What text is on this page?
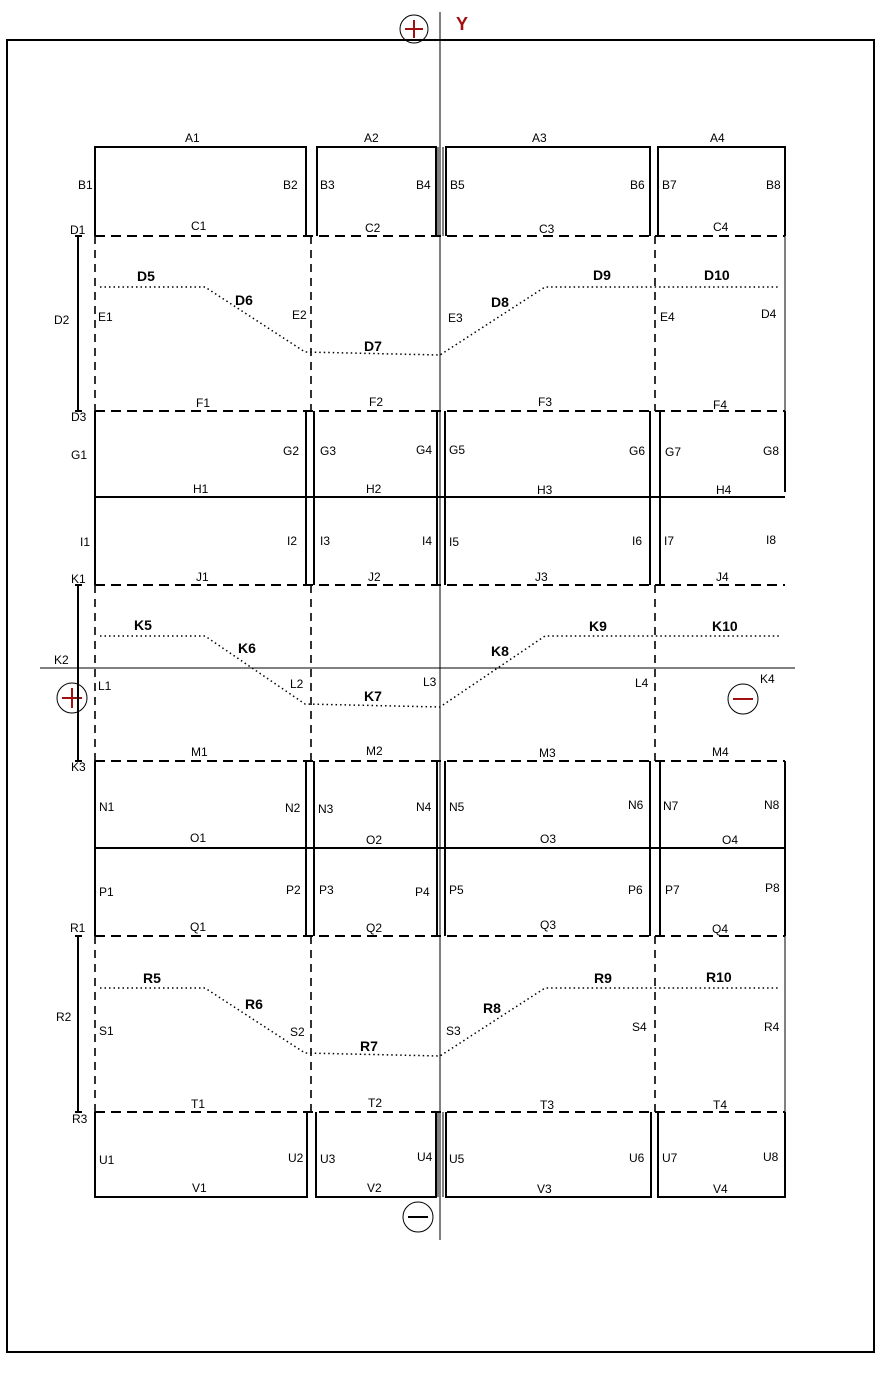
Y
A1	A2	A3	A4
B1	B2 B3	B4 B5	B6 B7	B8
C1	C2	C3	C4
D1
D2
D3
D4
D5
D6
D7
D8
D9	D10
E1	E2	E3	E4
F1	F2	F3	F4
G1	G2 G3	G4 G5	G6 G7	G8
H1	H2	H3	H4
I1	I2 I3	I4 I5	I6 I7	I8
J1	J2	J3	J4
K1
K2
K3
K4
K5
K6
K7
K8
K9	K10
L1	L2	L3	L4
M1	M2	M3	M4
N1	N2 N3	N4 N5	N6 N7	N8
O1	O2	O3	O4
P1	P2 P3	P4 P5	P6 P7	P8
Q1	Q2	Q3	Q4
R1
R2
R3
R4
R5
R6
R7
R8
R9	R10
S1	S2	S3	S4
T1	T2	T3	T4
U1	U2 U3	U4 U5	U6 U7	U8
V1	V2	V3	V4
